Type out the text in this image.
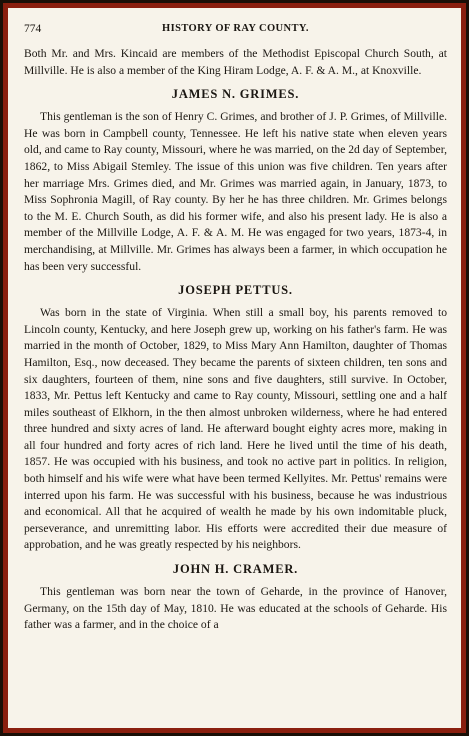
774	HISTORY OF RAY COUNTY.

Both Mr. and Mrs. Kincaid are members of the Methodist Episcopal Church South, at Millville. He is also a member of the King Hiram Lodge, A. F. & A. M., at Knoxville.

JAMES N. GRIMES.

This gentleman is the son of Henry C. Grimes, and brother of J. P. Grimes, of Millville. He was born in Campbell county, Tennessee. He left his native state when eleven years old, and came to Ray county, Missouri, where he was married, on the 2d day of September, 1862, to Miss Abigail Stemley. The issue of this union was five children. Ten years after her marriage Mrs. Grimes died, and Mr. Grimes was married again, in January, 1873, to Miss Sophronia Magill, of Ray county. By her he has three children. Mr. Grimes belongs to the M. E. Church South, as did his former wife, and also his present lady. He is also a member of the Millville Lodge, A. F. & A. M. He was engaged for two years, 1873-4, in merchandising, at Millville. Mr. Grimes has always been a farmer, in which occupation he has been very successful.

JOSEPH PETTUS.

Was born in the state of Virginia. When still a small boy, his parents removed to Lincoln county, Kentucky, and here Joseph grew up, working on his father's farm. He was married in the month of October, 1829, to Miss Mary Ann Hamilton, daughter of Thomas Hamilton, Esq., now deceased. They became the parents of sixteen children, ten sons and six daughters, fourteen of them, nine sons and five daughters, still survive. In October, 1833, Mr. Pettus left Kentucky and came to Ray county, Missouri, settling one and a half miles southeast of Elkhorn, in the then almost unbroken wilderness, where he had entered three hundred and sixty acres of land. He afterward bought eighty acres more, making in all four hundred and forty acres of rich land. Here he lived until the time of his death, 1857. He was occupied with his business, and took no active part in politics. In religion, both himself and his wife were what have been termed Kellyites. Mr. Pettus' remains were interred upon his farm. He was successful with his business, because he was industrious and economical. All that he acquired of wealth he made by his own indomitable pluck, perseverance, and unremitting labor. His efforts were accredited their due measure of approbation, and he was greatly respected by his neighbors.

JOHN H. CRAMER.

This gentleman was born near the town of Geharde, in the province of Hanover, Germany, on the 15th day of May, 1810. He was educated at the schools of Geharde. His father was a farmer, and in the choice of a
